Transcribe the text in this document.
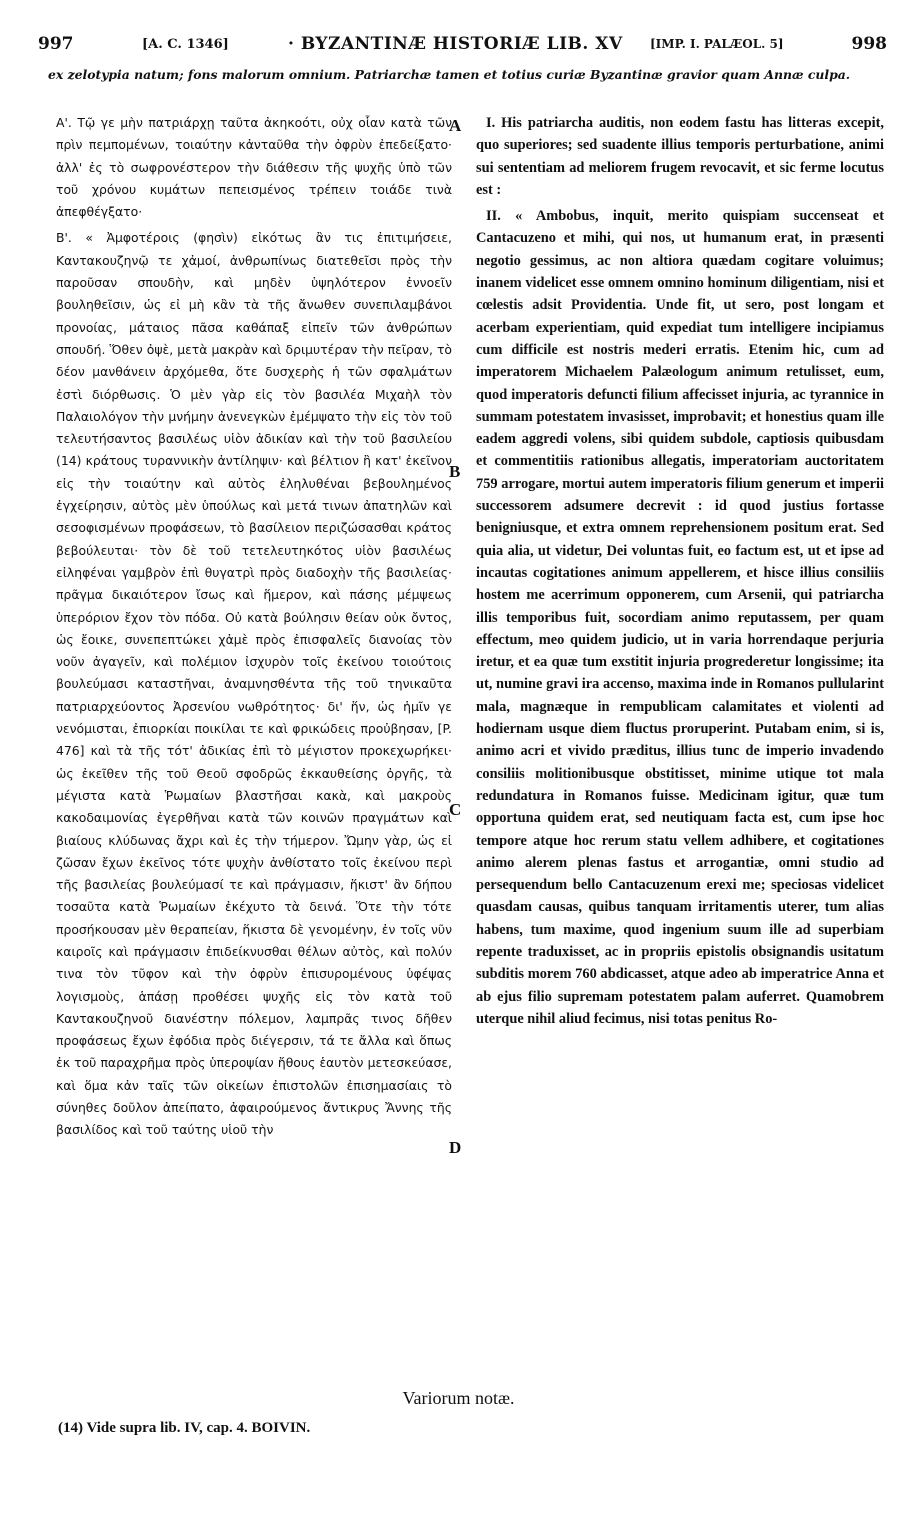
997	[A. C. 1346]	· BYZANTINÆ HISTORIÆ LIB. XV [IMP. I. PALÆOL. 5]	998

ex zelotypia natum; fons malorum omnium. Patriarchæ tamen et totius curiæ Byzantinæ gravior quam Annæ culpa.

Α'. Τῷ γε μὴν πατριάρχῃ ταῦτα ἀκηκοότι, οὐχ οἷαν κατὰ τῶν πρὶν πεμπομένων, τοιαύτην κἀνταῦθα τὴν ὀφρὺν ἐπεδείξατο· ἀλλ' ἐς τὸ σωφρονέστερον τὴν διάθεσιν τῆς ψυχῆς ὑπὸ τῶν τοῦ χρόνου κυμάτων πεπεισμένος τρέπειν τοιάδε τινὰ ἀπεφθέγξατο·

Β'. « Ἀμφοτέροις (φησὶν) εἰκότως ἂν τις ἐπιτιμήσειε, Καντακουζηνῷ τε χἀμοί, ἀνθρωπίνως διατεθεῖσι πρὸς τὴν παροῦσαν σπουδὴν, καὶ μηδὲν ὑψηλότερον ἐννοεῖν βουληθεῖσιν, ὡς εἰ μὴ κἂν τὰ τῆς ἄνωθεν συνεπιλαμβάνοι προνοίας, μάταιος πᾶσα καθάπαξ εἰπεῖν τῶν ἀνθρώπων σπουδή. Ὅθεν ὀψὲ, μετὰ μακρὰν καὶ δριμυτέραν τὴν πεῖραν, τὸ δέον μανθάνειν ἀρχόμεθα, ὅτε δυσχερὴς ἡ τῶν σφαλμάτων ἐστὶ διόρθωσις. Ὁ μὲν γὰρ εἰς τὸν βασιλέα Μιχαὴλ τὸν Παλαιολόγον τὴν μνήμην ἀνενεγκὼν ἐμέμψατο τὴν εἰς τὸν τοῦ τελευτήσαντος βασιλέως υἱὸν ἀδικίαν καὶ τὴν τοῦ βασιλείου (14) κράτους τυραννικὴν ἀντίληψιν· καὶ βέλτιον ἢ κατ' ἐκεῖνον εἰς τὴν τοιαύτην καὶ αὐτὸς ἐληλυθέναι βεβουλημένος ἐγχείρησιν, αὐτὸς μὲν ὑπούλως καὶ μετά τινων ἀπατηλῶν καὶ σεσοφισμένων προφάσεων, τὸ βασίλειον περιζώσασθαι κράτος βεβούλευται· τὸν δὲ τοῦ τετελευτηκότος υἱὸν βασιλέως εἰληφέναι γαμβρὸν ἐπὶ θυγατρὶ πρὸς διαδοχὴν τῆς βασιλείας· πρᾶγμα δικαιότερον ἴσως καὶ ἥμερον, καὶ πάσης μέμψεως ὑπερόριον ἔχον τὸν πόδα. Οὐ κατὰ βούλησιν θείαν οὐκ ὄντος, ὡς ἔοικε, συνεπεπτώκει χἀμὲ πρὸς ἐπισφαλεῖς διανοίας τὸν νοῦν ἀγαγεῖν, καὶ πολέμιον ἰσχυρὸν τοῖς ἐκείνου τοιούτοις βουλεύμασι καταστῆναι, ἀναμνησθέντα τῆς τοῦ τηνικαῦτα πατριαρχεύοντος Ἀρσενίου νωθρότητος· δι' ἥν, ὡς ἡμῖν γε νενόμισται, ἐπιορκίαι ποικίλαι τε καὶ φρικώδεις προὐβησαν, [P. 476] καὶ τὰ τῆς τότ' ἀδικίας ἐπὶ τὸ μέγιστον προκεχωρήκει· ὡς ἐκεῖθεν τῆς τοῦ Θεοῦ σφοδρῶς ἐκκαυθείσης ὀργῆς, τὰ μέγιστα κατὰ Ῥωμαίων βλαστῆσαι κακὰ, καὶ μακροὺς κακοδαιμονίας ἐγερθῆναι κατὰ τῶν κοινῶν πραγμάτων καὶ βιαίους κλύδωνας ἄχρι καὶ ἐς τὴν τήμερον. Ὤμην γὰρ, ὡς εἰ ζῶσαν ἔχων ἐκεῖνος τότε ψυχὴν ἀνθίστατο τοῖς ἐκείνου περὶ τῆς βασιλείας βουλεύμασί τε καὶ πράγμασιν, ἥκιστ' ἂν δήπου τοσαῦτα κατὰ Ῥωμαίων ἐκέχυτο τὰ δεινά. Ὅτε τὴν τότε προσήκουσαν μὲν θεραπείαν, ἥκιστα δὲ γενομένην, ἐν τοῖς νῦν καιροῖς καὶ πράγμασιν ἐπιδείκνυσθαι θέλων αὐτὸς, καὶ πολύν τινα τὸν τῦφον καὶ τὴν ὀφρὺν ἐπισυρομένους ὑφέψας λογισμοὺς, ἁπάσῃ προθέσει ψυχῆς εἰς τὸν κατὰ τοῦ Καντακουζηνοῦ διανέστην πόλεμον, λαμπρᾶς τινος δῆθεν προφάσεως ἔχων ἐφόδια πρὸς διέγερσιν, τά τε ἄλλα καὶ ὅπως ἐκ τοῦ παραχρῆμα πρὸς ὑπεροψίαν ἤθους ἑαυτὸν μετεσκεύασε, καὶ ὅμα κἀν ταῖς τῶν οἰκείων ἐπιστολῶν ἐπισημασίαις τὸ σύνηθες δοῦλον ἀπείπατο, ἀφαιρούμενος ἄντικρυς Ἄννης τῆς βασιλίδος καὶ τοῦ ταύτης υἱοῦ τὴν

A
B
C
D

I. His patriarcha auditis, non eodem fastu has litteras excepit, quo superiores; sed suadente illius temporis perturbatione, animi sui sententiam ad meliorem frugem revocavit, et sic ferme locutus est :

II. « Ambobus, inquit, merito quispiam succenseat et Cantacuzeno et mihi, qui nos, ut humanum erat, in præsenti negotio gessimus, ac non altiora quædam cogitare voluimus; inanem videlicet esse omnem omnino hominum diligentiam, nisi et cœlestis adsit Providentia. Unde fit, ut sero, post longam et acerbam experientiam, quid expediat tum intelligere incipiamus cum difficile est nostris mederi erratis. Etenim hic, cum ad imperatorem Michaelem Palæologum animum retulisset, eum, quod imperatoris defuncti filium affecisset injuria, ac tyrannice in summam potestatem invasisset, improbavit; et honestius quam ille eadem aggredi volens, sibi quidem subdole, captiosis quibusdam et commentitiis rationibus allegatis, imperatoriam auctoritatem 759 arrogare, mortui autem imperatoris filium generum et imperii successorem adsumere decrevit : id quod justius fortasse benigniusque, et extra omnem reprehensionem positum erat. Sed quia alia, ut videtur, Dei voluntas fuit, eo factum est, ut et ipse ad incautas cogitationes animum appellerem, et hisce illius consiliis hostem me acerrimum opponerem, cum Arsenii, qui patriarcha illis temporibus fuit, socordiam animo reputassem, per quam effectum, meo quidem judicio, ut in varia horrendaque perjuria iretur, et ea quæ tum exstitit injuria progrederetur longissime; ita ut, numine gravi ira accenso, maxima inde in Romanos pullularint mala, magnæque in rempublicam calamitates et violenti ad hodiernam usque diem fluctus proruperint. Putabam enim, si is, animo acri et vivido præditus, illius tunc de imperio invadendo consiliis molitionibusque obstitisset, minime utique tot mala redundatura in Romanos fuisse. Medicinam igitur, quæ tum opportuna quidem erat, sed neutiquam facta est, cum ipse hoc tempore atque hoc rerum statu vellem adhibere, et cogitationes animo alerem plenas fastus et arrogantiæ, omni studio ad persequendum bello Cantacuzenum erexi me; speciosas videlicet quasdam causas, quibus tanquam irritamentis uterer, tum alias habens, tum maxime, quod ingenium suum ille ad superbiam repente traduxisset, ac in propriis epistolis obsignandis usitatum subditis morem 760 abdicasset, atque adeo ab imperatrice Anna et ab ejus filio supremam potestatem palam auferret. Quamobrem uterque nihil aliud fecimus, nisi totas penitus Ro-

Variorum notæ.
(14) Vide supra lib. IV, cap. 4. BOIVIN.
